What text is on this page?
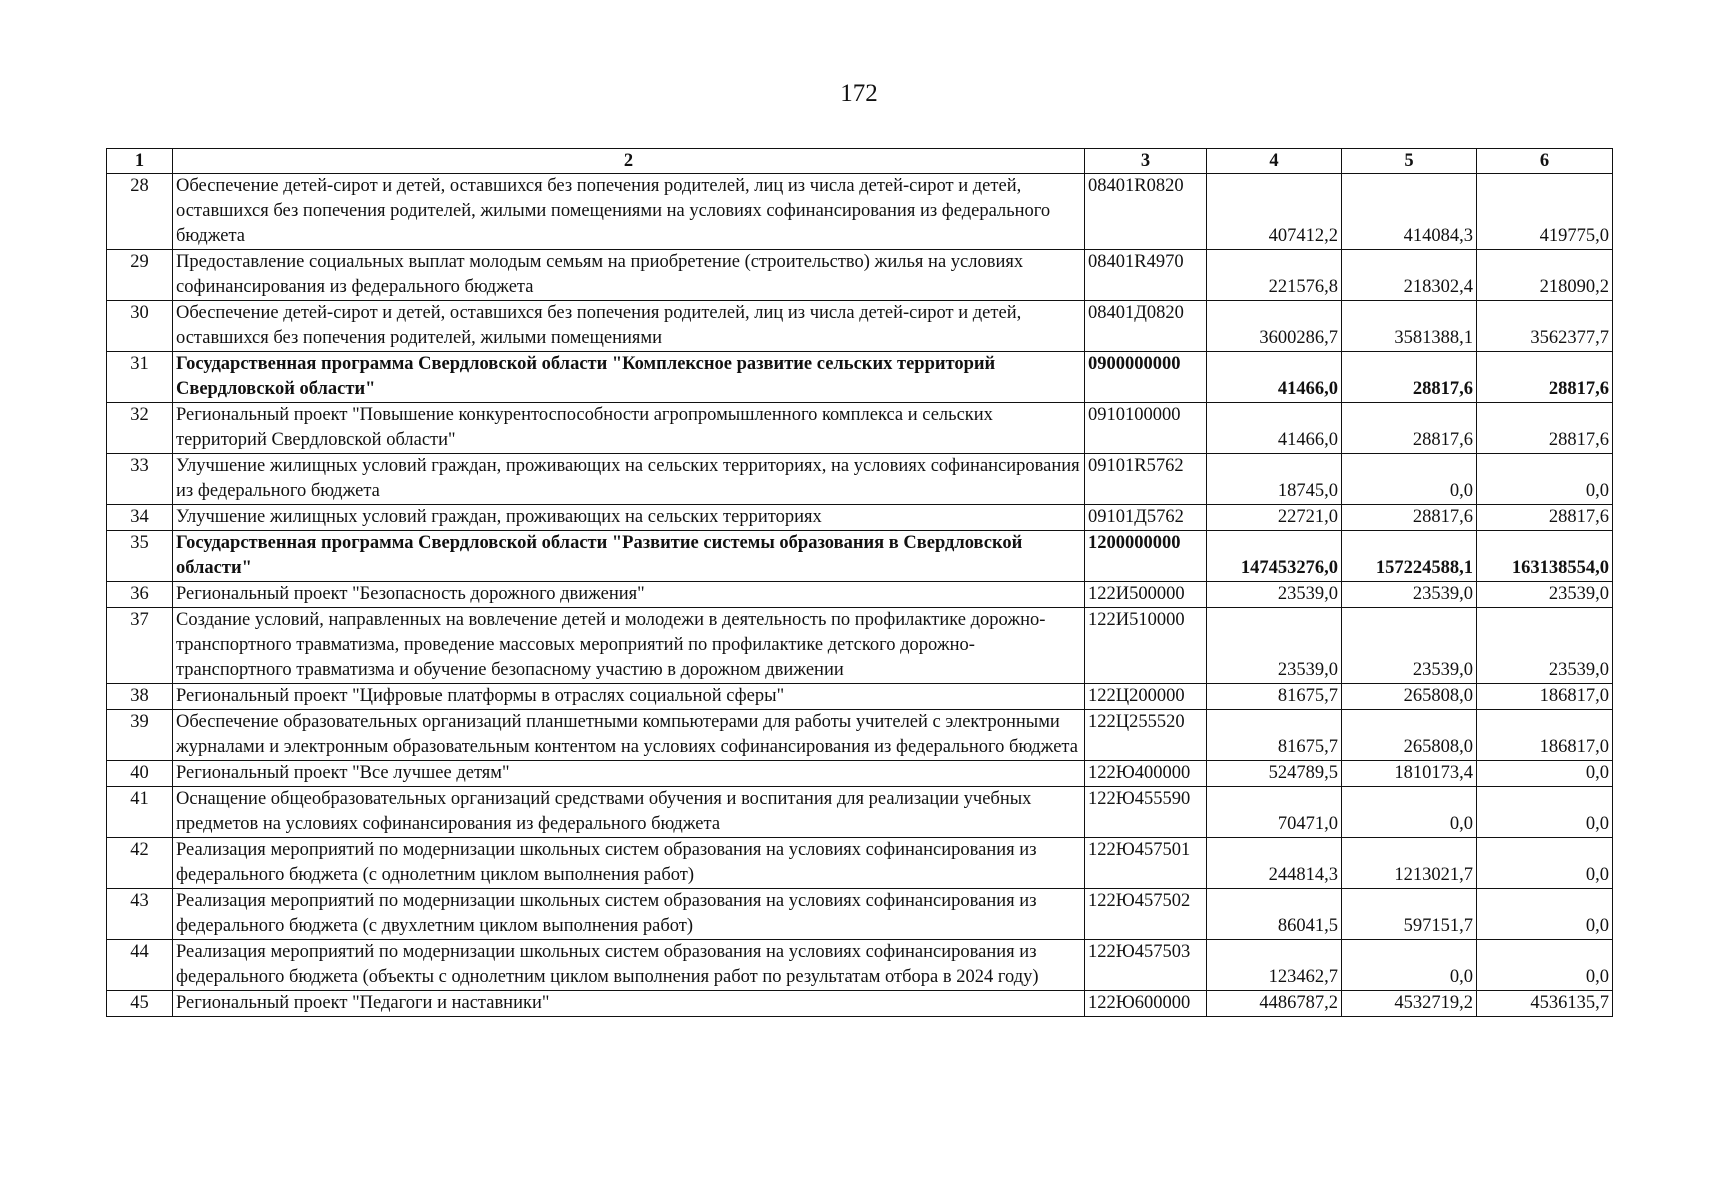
172
1	2	3	4	5	6
28	Обеспечение детей-сирот и детей, оставшихся без попечения родителей, лиц из числа детей-сирот и детей, оставшихся без попечения родителей, жилыми помещениями на условиях софинансирования из федерального бюджета	08401R0820	407412,2	414084,3	419775,0
29	Предоставление социальных выплат молодым семьям на приобретение (строительство) жилья на условиях софинансирования из федерального бюджета	08401R4970	221576,8	218302,4	218090,2
30	Обеспечение детей-сирот и детей, оставшихся без попечения родителей, лиц из числа детей-сирот и детей, оставшихся без попечения родителей, жилыми помещениями	08401Д0820	3600286,7	3581388,1	3562377,7
31	Государственная программа Свердловской области "Комплексное развитие сельских территорий Свердловской области"	0900000000	41466,0	28817,6	28817,6
32	Региональный проект "Повышение конкурентоспособности агропромышленного комплекса и сельских территорий Свердловской области"	0910100000	41466,0	28817,6	28817,6
33	Улучшение жилищных условий граждан, проживающих на сельских территориях, на условиях софинансирования из федерального бюджета	09101R5762	18745,0	0,0	0,0
34	Улучшение жилищных условий граждан, проживающих на сельских территориях	09101Д5762	22721,0	28817,6	28817,6
35	Государственная программа Свердловской области "Развитие системы образования в Свердловской области"	1200000000	147453276,0	157224588,1	163138554,0
36	Региональный проект "Безопасность дорожного движения"	122И500000	23539,0	23539,0	23539,0
37	Создание условий, направленных на вовлечение детей и молодежи в деятельность по профилактике дорожно-транспортного травматизма, проведение массовых мероприятий по профилактике детского дорожно-транспортного травматизма и обучение безопасному участию в дорожном движении	122И510000	23539,0	23539,0	23539,0
38	Региональный проект "Цифровые платформы в отраслях социальной сферы"	122Ц200000	81675,7	265808,0	186817,0
39	Обеспечение образовательных организаций планшетными компьютерами для работы учителей с электронными журналами и электронным образовательным контентом на условиях софинансирования из федерального бюджета	122Ц255520	81675,7	265808,0	186817,0
40	Региональный проект "Все лучшее детям"	122Ю400000	524789,5	1810173,4	0,0
41	Оснащение общеобразовательных организаций средствами обучения и воспитания для реализации учебных предметов на условиях софинансирования из федерального бюджета	122Ю455590	70471,0	0,0	0,0
42	Реализация мероприятий по модернизации школьных систем образования на условиях софинансирования из федерального бюджета (с однолетним циклом выполнения работ)	122Ю457501	244814,3	1213021,7	0,0
43	Реализация мероприятий по модернизации школьных систем образования на условиях софинансирования из федерального бюджета (с двухлетним циклом выполнения работ)	122Ю457502	86041,5	597151,7	0,0
44	Реализация мероприятий по модернизации школьных систем образования на условиях софинансирования из федерального бюджета (объекты с однолетним циклом выполнения работ по результатам отбора в 2024 году)	122Ю457503	123462,7	0,0	0,0
45	Региональный проект "Педагоги и наставники"	122Ю600000	4486787,2	4532719,2	4536135,7
